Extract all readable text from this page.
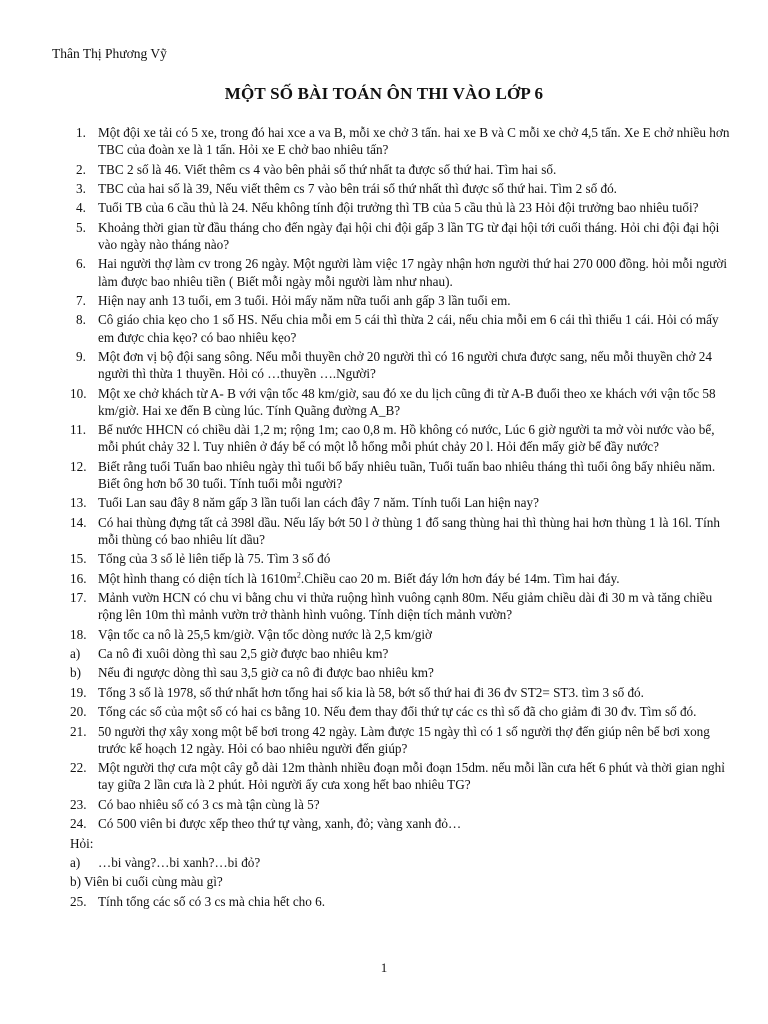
Thân Thị Phương Vỹ
MỘT SỐ BÀI TOÁN ÔN THI VÀO LỚP 6
1. Một đội xe tải có 5 xe, trong đó hai xce a va B, mỗi xe chở 3 tấn. hai xe B và C mỗi xe chở 4,5 tấn. Xe E chở nhiều hơn TBC của đoàn xe là 1 tấn. Hỏi xe E chở bao nhiêu tấn?
2. TBC 2 số là 46. Viết thêm cs 4 vào bên phải số thứ nhất ta được số thứ hai. Tìm hai số.
3. TBC của hai số là 39, Nếu viết thêm cs 7 vào bên trái số thứ nhất thì được số thứ hai. Tìm 2 số đó.
4. Tuổi TB của 6 cầu thủ là 24. Nếu không tính đội trưởng thì TB của 5 cầu thủ là 23 Hỏi đội trưởng bao nhiêu tuổi?
5. Khoảng thời gian từ đầu tháng cho đến ngày đại hội chi đội gấp 3 lần TG từ đại hội tới cuối tháng. Hỏi chi đội đại hội vào ngày nào tháng nào?
6. Hai người thợ làm cv trong 26 ngày. Một người làm việc 17 ngày nhận hơn người thứ hai 270 000 đồng. hỏi mỗi người làm được bao nhiêu tiền ( Biết mỗi ngày mỗi người làm như nhau).
7. Hiện nay anh 13 tuổi, em 3 tuổi. Hỏi mấy năm nữa tuổi anh gấp 3 lần tuổi em.
8. Cô giáo chia kẹo cho 1 số HS. Nếu chia mỗi em 5 cái thì thừa 2 cái, nếu chia mỗi em 6 cái thì thiếu 1 cái. Hỏi có mấy em được chia kẹo? có bao nhiêu kẹo?
9. Một đơn vị bộ đội sang sông. Nếu mỗi thuyền chở 20 người thì có 16 người chưa được sang, nếu mỗi thuyền chở 24 người thì thừa 1 thuyền. Hỏi có …thuyền ….Người?
10. Một xe chở khách từ A- B với vận tốc 48 km/giờ, sau đó xe du lịch cũng đi từ A-B đuổi theo xe khách với vận tốc 58 km/giờ. Hai xe đến B cùng lúc. Tính Quãng đường A_B?
11. Bể nước HHCN có chiều dài 1,2 m; rộng 1m; cao 0,8 m. Hồ không có nước, Lúc 6 giờ người ta mở vòi nước vào bể, mỗi phút chảy 32 l. Tuy nhiên ở đáy bể có một lỗ hổng mỗi phút chảy 20 l. Hỏi đến mấy giờ bể đầy nước?
12. Biết rằng tuổi Tuấn bao nhiêu ngày thì tuổi bố bấy nhiêu tuần, Tuổi tuấn bao nhiêu tháng thì tuổi ông bấy nhiêu năm. Biết ông hơn bố 30 tuổi. Tính tuổi mỗi người?
13. Tuổi Lan sau đây 8 năm gấp 3 lần tuổi lan cách đây 7 năm. Tính tuổi Lan hiện nay?
14. Có hai thùng đựng tất cả 398l dầu. Nếu lấy bớt 50 l ở thùng 1 đổ sang thùng hai thì thùng hai hơn thùng 1 là 16l. Tính mỗi thùng có bao nhiêu lít dầu?
15. Tổng của 3 số lẻ liên tiếp là 75. Tìm 3 số đó
16. Một hình thang có diện tích là $1610m^2.Chiều$ cao 20 m. Biết đáy lớn hơn đáy bé 14m. Tìm hai đáy.
17. Mảnh vườn HCN có chu vi bằng chu vi thửa ruộng hình vuông cạnh 80m. Nếu giảm chiều dài đi 30 m và tăng chiều rộng lên 10m thì mảnh vườn trở thành hình vuông. Tính diện tích mảnh vườn?
18. Vận tốc ca nô là 25,5 km/giờ. Vận tốc dòng nước là 2,5 km/giờ
a)	Ca nô đi xuôi dòng thì sau 2,5 giờ được bao nhiêu km?
b)	Nếu đi ngược dòng thì sau 3,5 giờ ca nô đi được bao nhiêu km?
19. Tổng 3 số là 1978, số thứ nhất hơn tổng hai số kia là 58, bớt số thứ hai đi 36 đv ST2= ST3. tìm 3 số đó.
20. Tổng các số của một số có hai cs bằng 10. Nếu đem thay đổi thứ tự các cs thì số đã cho giảm đi 30 đv. Tìm số đó.
21. 50 người thợ xây xong một bể bơi trong 42 ngày. Làm được 15 ngày thì có 1 số người thợ đến giúp nên bể bơi xong trước kế hoạch 12 ngày. Hỏi có bao nhiêu người đến giúp?
22. Một người thợ cưa một cây gỗ dài 12m thành nhiều đoạn mỗi đoạn 15dm. nếu mỗi lần cưa hết 6 phút và thời gian nghỉ tay giữa 2 lần cưa là 2 phút. Hỏi người ấy cưa xong hết bao nhiêu TG?
23. Có bao nhiêu số có 3 cs mà tận cùng là 5?
24. Có 500 viên bi được xếp theo thứ tự vàng, xanh, đỏ; vàng xanh đỏ…
Hỏi:
a)	…bi vàng?…bi xanh?…bi đỏ?
b) Viên bi cuối cùng màu gì?
25. Tính tổng các số có 3 cs mà chia hết cho 6.
1
